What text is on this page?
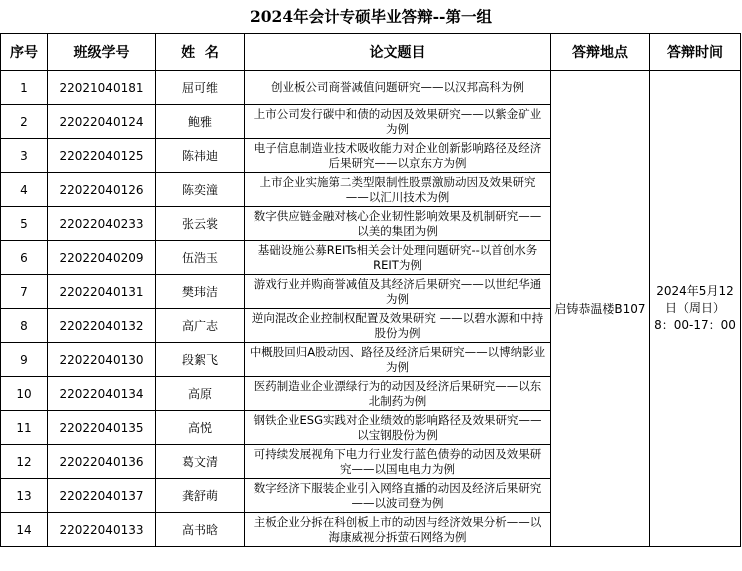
2024年会计专硕毕业答辩--第一组
序号	班级学号	姓  名	论文题目	答辩地点	答辩时间
1	22021040181	屈可维	创业板公司商誉减值问题研究——以汉邦高科为例	启铸恭温楼B107	2024年5月12日（周日）
8：00-17：00

2	22022040124	鲍雅	上市公司发行碳中和债的动因及效果研究——以紫金矿业为例		
3	22022040125	陈祎迪	电子信息制造业技术吸收能力对企业创新影响路径及经济后果研究——以京东方为例		
4	22022040126	陈奕潼	上市企业实施第二类型限制性股票激励动因及效果研究 ——以汇川技术为例		
5	22022040233	张云裳	数字供应链金融对核心企业韧性影响效果及机制研究——以美的集团为例		
6	22022040209	伍浩玉	基础设施公募REITs相关会计处理问题研究--以首创水务REIT为例		
7	22022040131	樊玮洁	游戏行业并购商誉减值及其经济后果研究——以世纪华通为例		
8	22022040132	高广志	逆向混改企业控制权配置及效果研究 ——以碧水源和中持股份为例		
9	22022040130	段絮飞	中概股回归A股动因、路径及经济后果研究——以博纳影业为例		
10	22022040134	高原	医药制造业企业漂绿行为的动因及经济后果研究——以东北制药为例		
11	22022040135	高悦	钢铁企业ESG实践对企业绩效的影响路径及效果研究——以宝钢股份为例		
12	22022040136	葛文清	可持续发展视角下电力行业发行蓝色债券的动因及效果研究——以国电电力为例		
13	22022040137	龚舒萌	数字经济下服装企业引入网络直播的动因及经济后果研究——以波司登为例		
14	22022040133	高书晗	主板企业分拆在科创板上市的动因与经济效果分析——以海康威视分拆萤石网络为例		
